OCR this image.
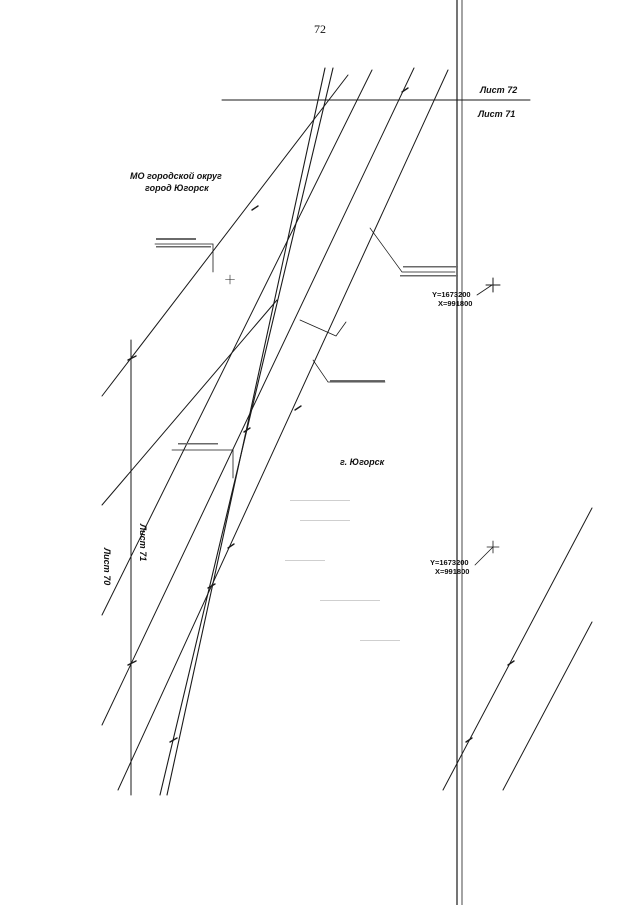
72
Лист 72
Лист 71
Лист 70
Лист 71
МО городской округ
город Югорск
г. Югорск
Y=1673200
X=991800
Y=1673200
X=991800
